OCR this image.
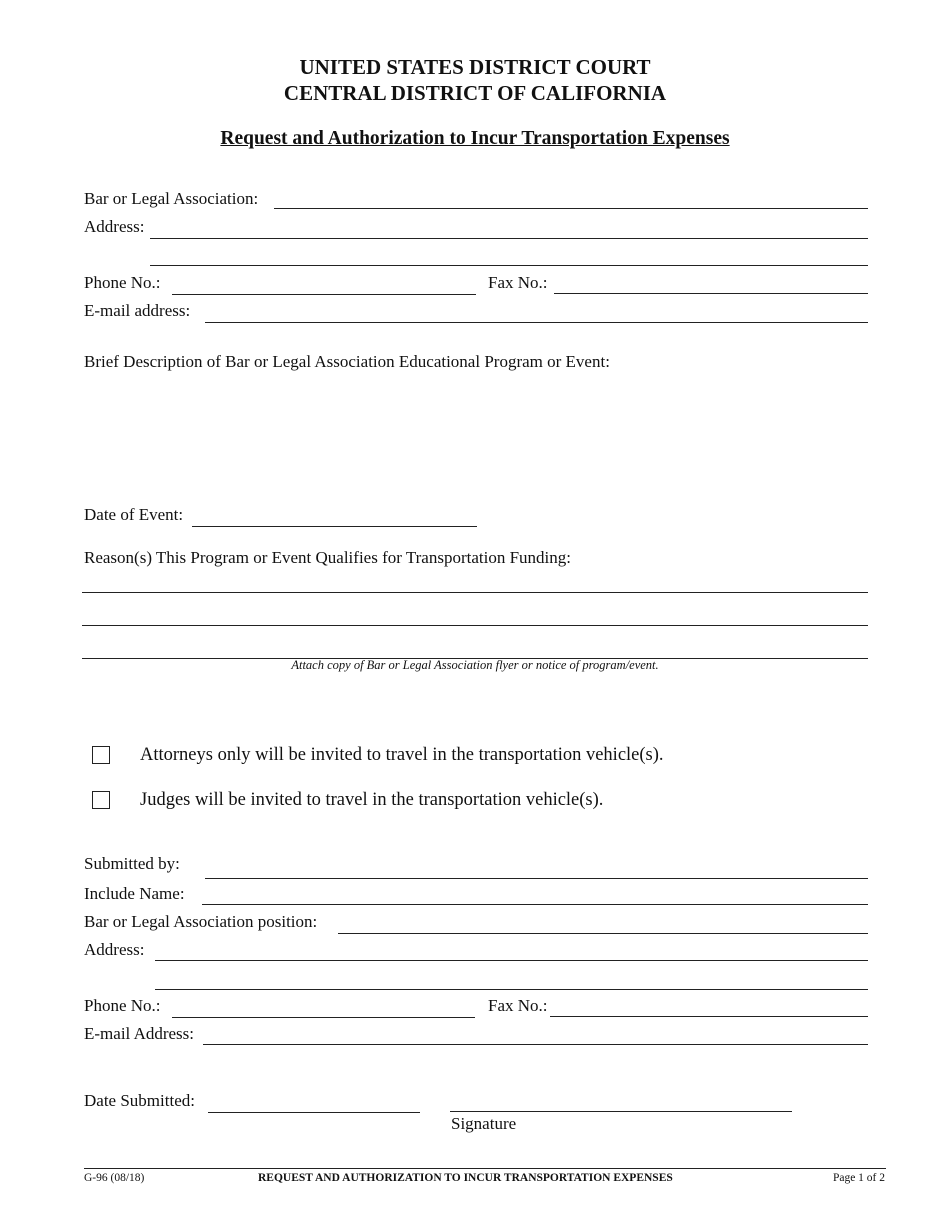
UNITED STATES DISTRICT COURT
CENTRAL DISTRICT OF CALIFORNIA
Request and Authorization to Incur Transportation Expenses
Bar or Legal Association:
Address:
Phone No.:	Fax No.:
E-mail address:
Brief Description of Bar or Legal Association Educational Program or Event:
Date of Event:
Reason(s) This Program or Event Qualifies for Transportation Funding:
Attach copy of Bar or Legal Association flyer or notice of program/event.
Attorneys only will be invited to travel in the transportation vehicle(s).
Judges will be invited to travel in the transportation vehicle(s).
Submitted by:
Include Name:
Bar or Legal Association position:
Address:
Phone No.:	Fax No.:
E-mail Address:
Date Submitted:
Signature
G-96 (08/18)	REQUEST AND AUTHORIZATION TO INCUR TRANSPORTATION EXPENSES	Page 1 of 2
